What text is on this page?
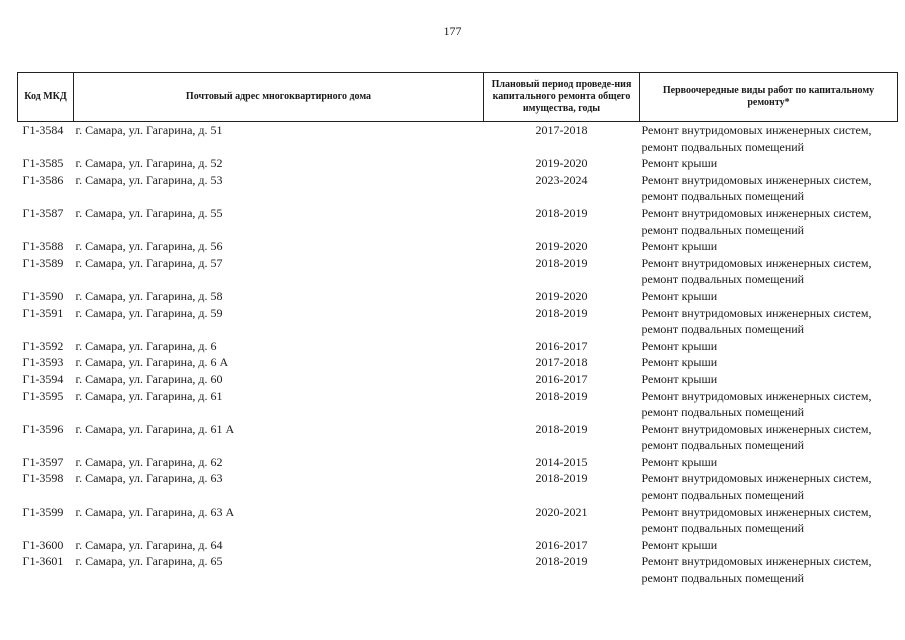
177
Код МКД	Почтовый адрес многоквартирного дома	Плановый период проведе-ния капитального ремонта общего имущества, годы	Первоочередные виды работ по капитальному ремонту*
Г1-3584	г. Самара, ул. Гагарина, д. 51	2017-2018	Ремонт внутридомовых инженерных систем,
ремонт подвальных помещений

Г1-3585	г. Самара, ул. Гагарина, д. 52	2019-2020	Ремонт крыши

Г1-3586	г. Самара, ул. Гагарина, д. 53	2023-2024	Ремонт внутридомовых инженерных систем,
ремонт подвальных помещений

Г1-3587	г. Самара, ул. Гагарина, д. 55	2018-2019	Ремонт внутридомовых инженерных систем,
ремонт подвальных помещений

Г1-3588	г. Самара, ул. Гагарина, д. 56	2019-2020	Ремонт крыши

Г1-3589	г. Самара, ул. Гагарина, д. 57	2018-2019	Ремонт внутридомовых инженерных систем,
ремонт подвальных помещений

Г1-3590	г. Самара, ул. Гагарина, д. 58	2019-2020	Ремонт крыши

Г1-3591	г. Самара, ул. Гагарина, д. 59	2018-2019	Ремонт внутридомовых инженерных систем,
ремонт подвальных помещений

Г1-3592	г. Самара, ул. Гагарина, д. 6	2016-2017	Ремонт крыши

Г1-3593	г. Самара, ул. Гагарина, д. 6 А	2017-2018	Ремонт крыши

Г1-3594	г. Самара, ул. Гагарина, д. 60	2016-2017	Ремонт крыши

Г1-3595	г. Самара, ул. Гагарина, д. 61	2018-2019	Ремонт внутридомовых инженерных систем,
ремонт подвальных помещений

Г1-3596	г. Самара, ул. Гагарина, д. 61 А	2018-2019	Ремонт внутридомовых инженерных систем,
ремонт подвальных помещений

Г1-3597	г. Самара, ул. Гагарина, д. 62	2014-2015	Ремонт крыши

Г1-3598	г. Самара, ул. Гагарина, д. 63	2018-2019	Ремонт внутридомовых инженерных систем,
ремонт подвальных помещений

Г1-3599	г. Самара, ул. Гагарина, д. 63 А	2020-2021	Ремонт внутридомовых инженерных систем,
ремонт подвальных помещений

Г1-3600	г. Самара, ул. Гагарина, д. 64	2016-2017	Ремонт крыши

Г1-3601	г. Самара, ул. Гагарина, д. 65	2018-2019	Ремонт внутридомовых инженерных систем,
ремонт подвальных помещений
